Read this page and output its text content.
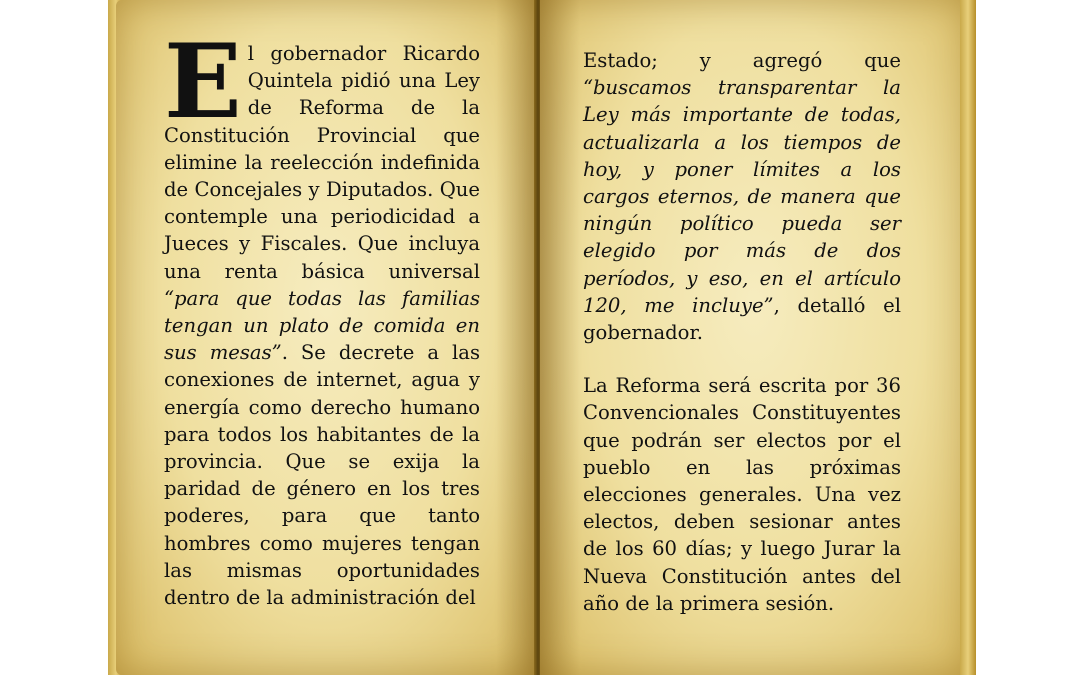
El gobernador Ricardo Quintela pidió una Ley de Reforma de la Constitución Provincial que elimine la reelección indefinida de Concejales y Diputados. Que contemple una periodicidad a Jueces y Fiscales. Que incluya una renta básica universal “para que todas las familias tengan un plato de comida en sus mesas”. Se decrete a las conexiones de internet, agua y energía como derecho humano para todos los habitantes de la provincia. Que se exija la paridad de género en los tres poderes, para que tanto hombres como mujeres tengan las mismas oportunidades dentro de la administración del

Estado; y agregó que “buscamos transparentar la Ley más importante de todas, actualizarla a los tiempos de hoy, y poner límites a los cargos eternos, de manera que ningún político pueda ser elegido por más de dos períodos, y eso, en el artículo 120, me incluye”, detalló el gobernador.

La Reforma será escrita por 36 Convencionales Constituyentes que podrán ser electos por el pueblo en las próximas elecciones generales. Una vez electos, deben sesionar antes de los 60 días; y luego Jurar la Nueva Constitución antes del año de la primera sesión.
